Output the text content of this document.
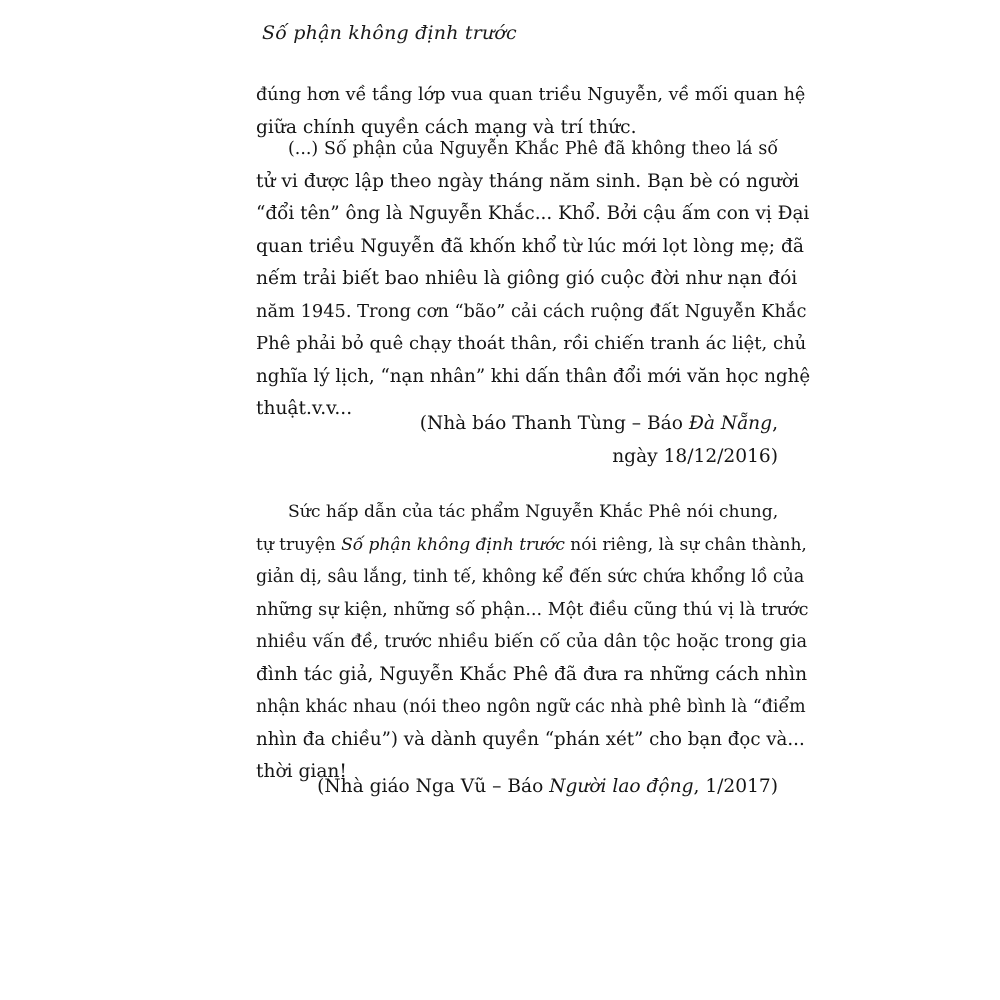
Số phận không định trước

đúng hơn về tầng lớp vua quan triều Nguyễn, về mối quan hệ
giữa chính quyền cách mạng và trí thức.
(...) Số phận của Nguyễn Khắc Phê đã không theo lá số
tử vi được lập theo ngày tháng năm sinh. Bạn bè có người
“đổi tên” ông là Nguyễn Khắc... Khổ. Bởi cậu ấm con vị Đại
quan triều Nguyễn đã khốn khổ từ lúc mới lọt lòng mẹ; đã
nếm trải biết bao nhiêu là giông gió cuộc đời như nạn đói
năm 1945. Trong cơn “bão” cải cách ruộng đất Nguyễn Khắc
Phê phải bỏ quê chạy thoát thân, rồi chiến tranh ác liệt, chủ
nghĩa lý lịch, “nạn nhân” khi dấn thân đổi mới văn học nghệ
thuật.v.v...
(Nhà báo Thanh Tùng – Báo Đà Nẵng,
ngày 18/12/2016)
Sức hấp dẫn của tác phẩm Nguyễn Khắc Phê nói chung,
tự truyện Số phận không định trước nói riêng, là sự chân thành,
giản dị, sâu lắng, tinh tế, không kể đến sức chứa khổng lồ của
những sự kiện, những số phận... Một điều cũng thú vị là trước
nhiều vấn đề, trước nhiều biến cố của dân tộc hoặc trong gia
đình tác giả, Nguyễn Khắc Phê đã đưa ra những cách nhìn
nhận khác nhau (nói theo ngôn ngữ các nhà phê bình là “điểm
nhìn đa chiều”) và dành quyền “phán xét” cho bạn đọc và...
thời gian!
(Nhà giáo Nga Vũ – Báo Người lao động, 1/2017)
